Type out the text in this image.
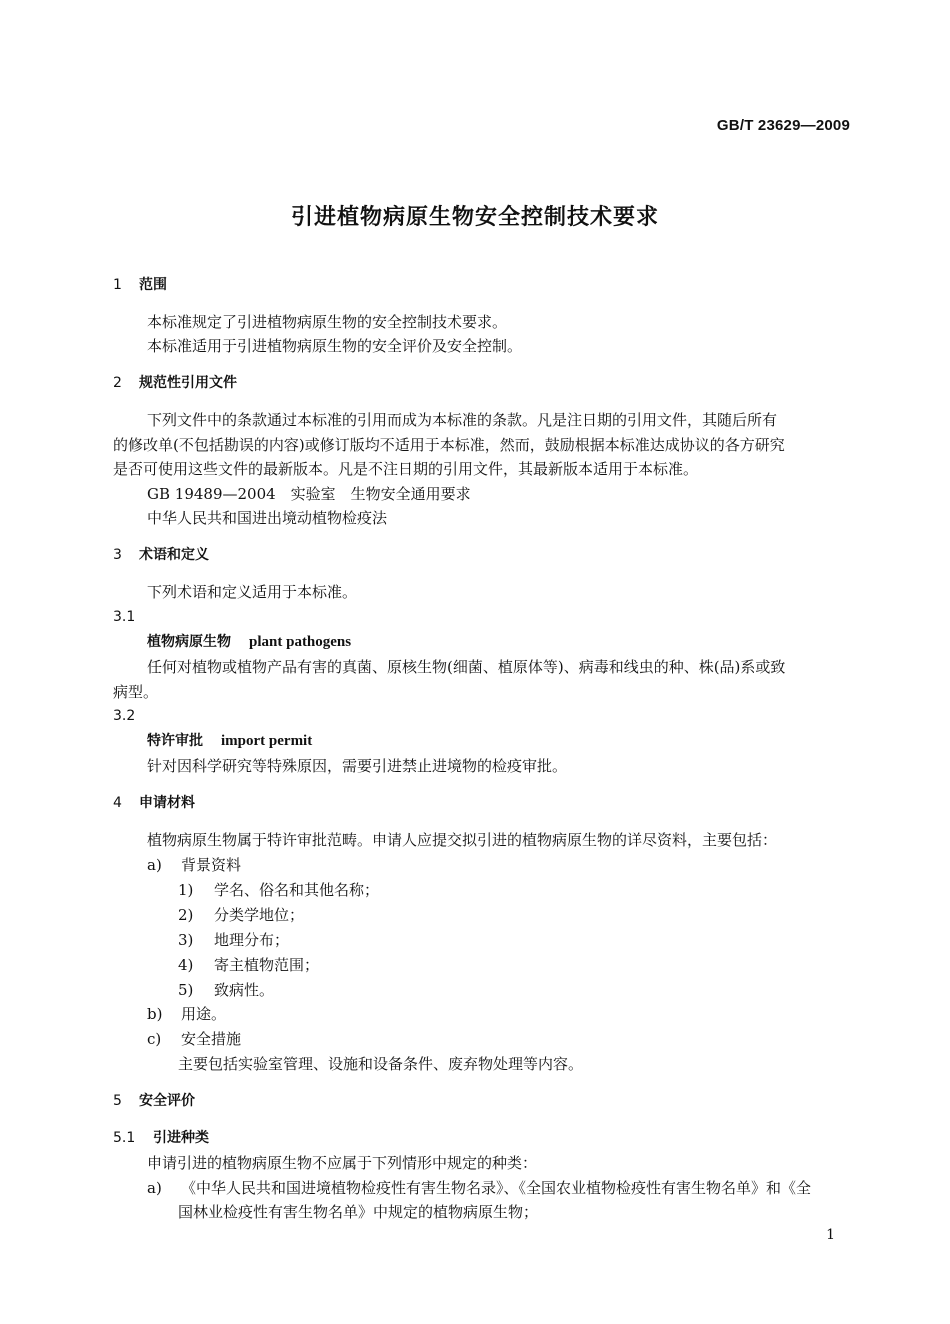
GB/T 23629—2009
引进植物病原生物安全控制技术要求
1 范围
本标准规定了引进植物病原生物的安全控制技术要求。
本标准适用于引进植物病原生物的安全评价及安全控制。
2 规范性引用文件
下列文件中的条款通过本标准的引用而成为本标准的条款。凡是注日期的引用文件，其随后所有
的修改单(不包括勘误的内容)或修订版均不适用于本标准，然而，鼓励根据本标准达成协议的各方研究
是否可使用这些文件的最新版本。凡是不注日期的引用文件，其最新版本适用于本标准。
GB 19489—2004　实验室　生物安全通用要求
中华人民共和国进出境动植物检疫法
3 术语和定义
下列术语和定义适用于本标准。
3.1
植物病原生物 plant pathogens
任何对植物或植物产品有害的真菌、原核生物(细菌、植原体等)、病毒和线虫的种、株(品)系或致
病型。
3.2
特许审批 import permit
针对因科学研究等特殊原因，需要引进禁止进境物的检疫审批。
4 申请材料
植物病原生物属于特许审批范畴。申请人应提交拟引进的植物病原生物的详尽资料，主要包括：
a) 背景资料
1) 学名、俗名和其他名称；
2) 分类学地位；
3) 地理分布；
4) 寄主植物范围；
5) 致病性。
b) 用途。
c) 安全措施
主要包括实验室管理、设施和设备条件、废弃物处理等内容。
5 安全评价
5.1 引进种类
申请引进的植物病原生物不应属于下列情形中规定的种类：
a) 《中华人民共和国进境植物检疫性有害生物名录》、《全国农业植物检疫性有害生物名单》和《全
国林业检疫性有害生物名单》中规定的植物病原生物；
1
